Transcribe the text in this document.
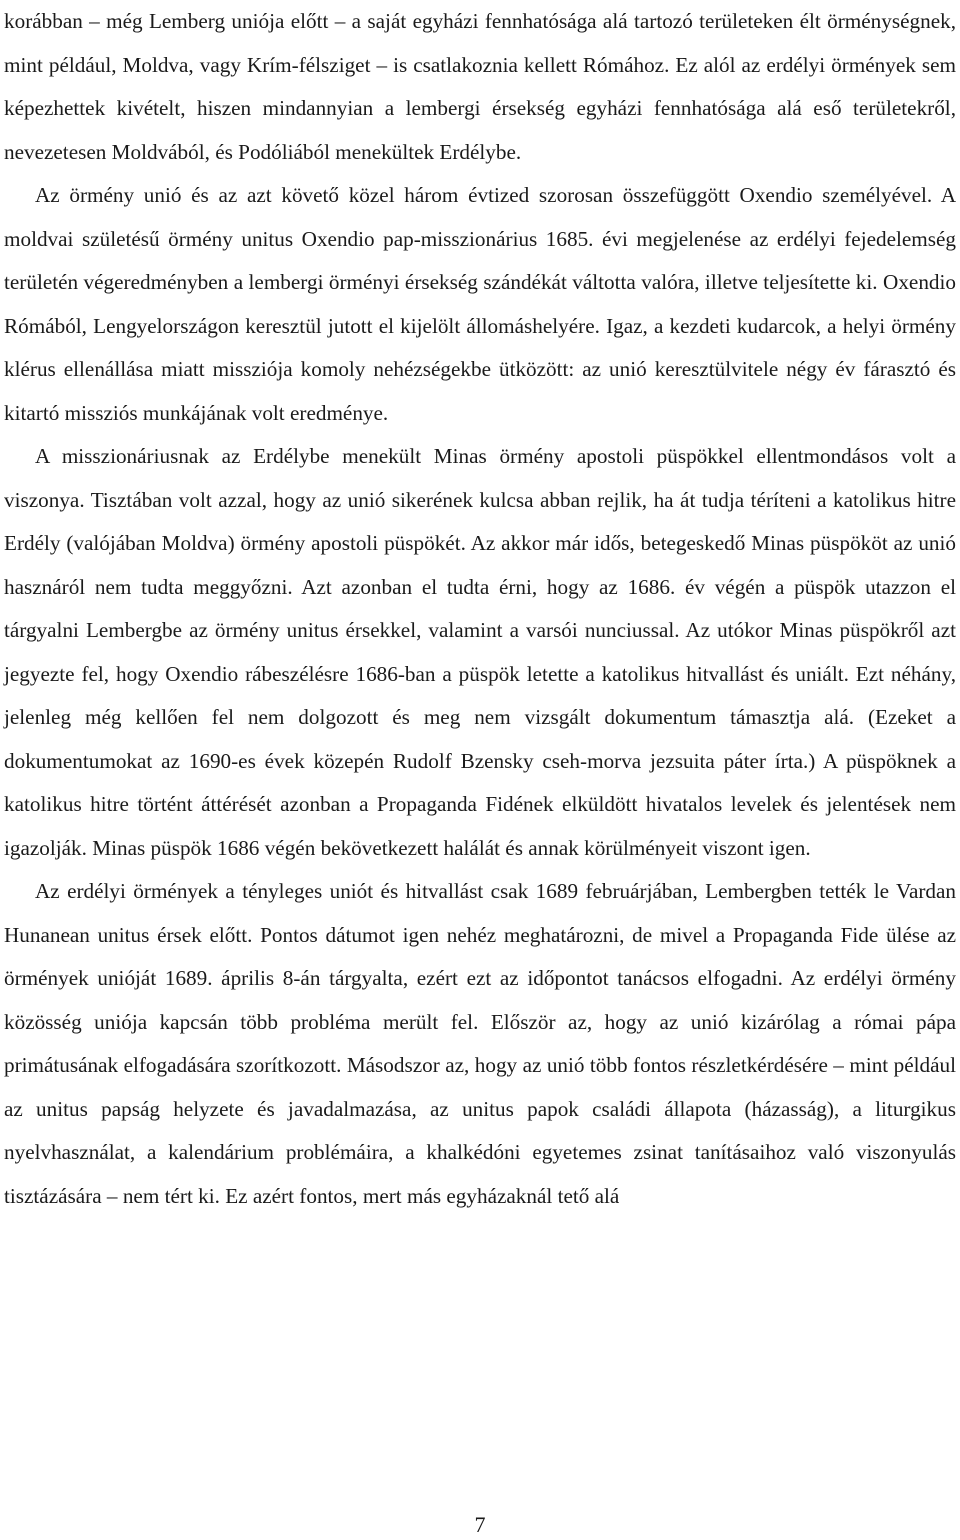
korábban – még Lemberg uniója előtt – a saját egyházi fennhatósága alá tartozó területeken élt örménységnek, mint például, Moldva, vagy Krím-félsziget – is csatlakoznia kellett Rómához. Ez alól az erdélyi örmények sem képezhettek kivételt, hiszen mindannyian a lembergi érsekség egyházi fennhatósága alá eső területekről, nevezetesen Moldvából, és Podóliából menekültek Erdélybe.

Az örmény unió és az azt követő közel három évtized szorosan összefüggött Oxendio személyével. A moldvai születésű örmény unitus Oxendio pap-misszionárius 1685. évi megjelenése az erdélyi fejedelemség területén végeredményben a lembergi örményi érsekség szándékát váltotta valóra, illetve teljesítette ki. Oxendio Rómából, Lengyelországon keresztül jutott el kijelölt állomáshelyére. Igaz, a kezdeti kudarcok, a helyi örmény klérus ellenállása miatt missziója komoly nehézségekbe ütközött: az unió keresztülvitele négy év fárasztó és kitartó missziós munkájának volt eredménye.

A misszionáriusnak az Erdélybe menekült Minas örmény apostoli püspökkel ellentmondásos volt a viszonya. Tisztában volt azzal, hogy az unió sikerének kulcsa abban rejlik, ha át tudja téríteni a katolikus hitre Erdély (valójában Moldva) örmény apostoli püspökét. Az akkor már idős, betegeskedő Minas püspököt az unió hasznáról nem tudta meggyőzni. Azt azonban el tudta érni, hogy az 1686. év végén a püspök utazzon el tárgyalni Lembergbe az örmény unitus érsekkel, valamint a varsói nunciussal. Az utókor Minas püspökről azt jegyezte fel, hogy Oxendio rábeszélésre 1686-ban a püspök letette a katolikus hitvallást és uniált. Ezt néhány, jelenleg még kellően fel nem dolgozott és meg nem vizsgált dokumentum támasztja alá. (Ezeket a dokumentumokat az 1690-es évek közepén Rudolf Bzensky cseh-morva jezsuita páter írta.) A püspöknek a katolikus hitre történt áttérését azonban a Propaganda Fidének elküldött hivatalos levelek és jelentések nem igazolják. Minas püspök 1686 végén bekövetkezett halálát és annak körülményeit viszont igen.

Az erdélyi örmények a tényleges uniót és hitvallást csak 1689 februárjában, Lembergben tették le Vardan Hunanean unitus érsek előtt. Pontos dátumot igen nehéz meghatározni, de mivel a Propaganda Fide ülése az örmények unióját 1689. április 8-án tárgyalta, ezért ezt az időpontot tanácsos elfogadni. Az erdélyi örmény közösség uniója kapcsán több probléma merült fel. Először az, hogy az unió kizárólag a római pápa primátusának elfogadására szorítkozott. Másodszor az, hogy az unió több fontos részletkérdésére – mint például az unitus papság helyzete és javadalmazása, az unitus papok családi állapota (házasság), a liturgikus nyelvhasználat, a kalendárium problémáira, a khalkédóni egyetemes zsinat tanításaihoz való viszonyulás tisztázására – nem tért ki. Ez azért fontos, mert más egyházaknál tető alá

7
